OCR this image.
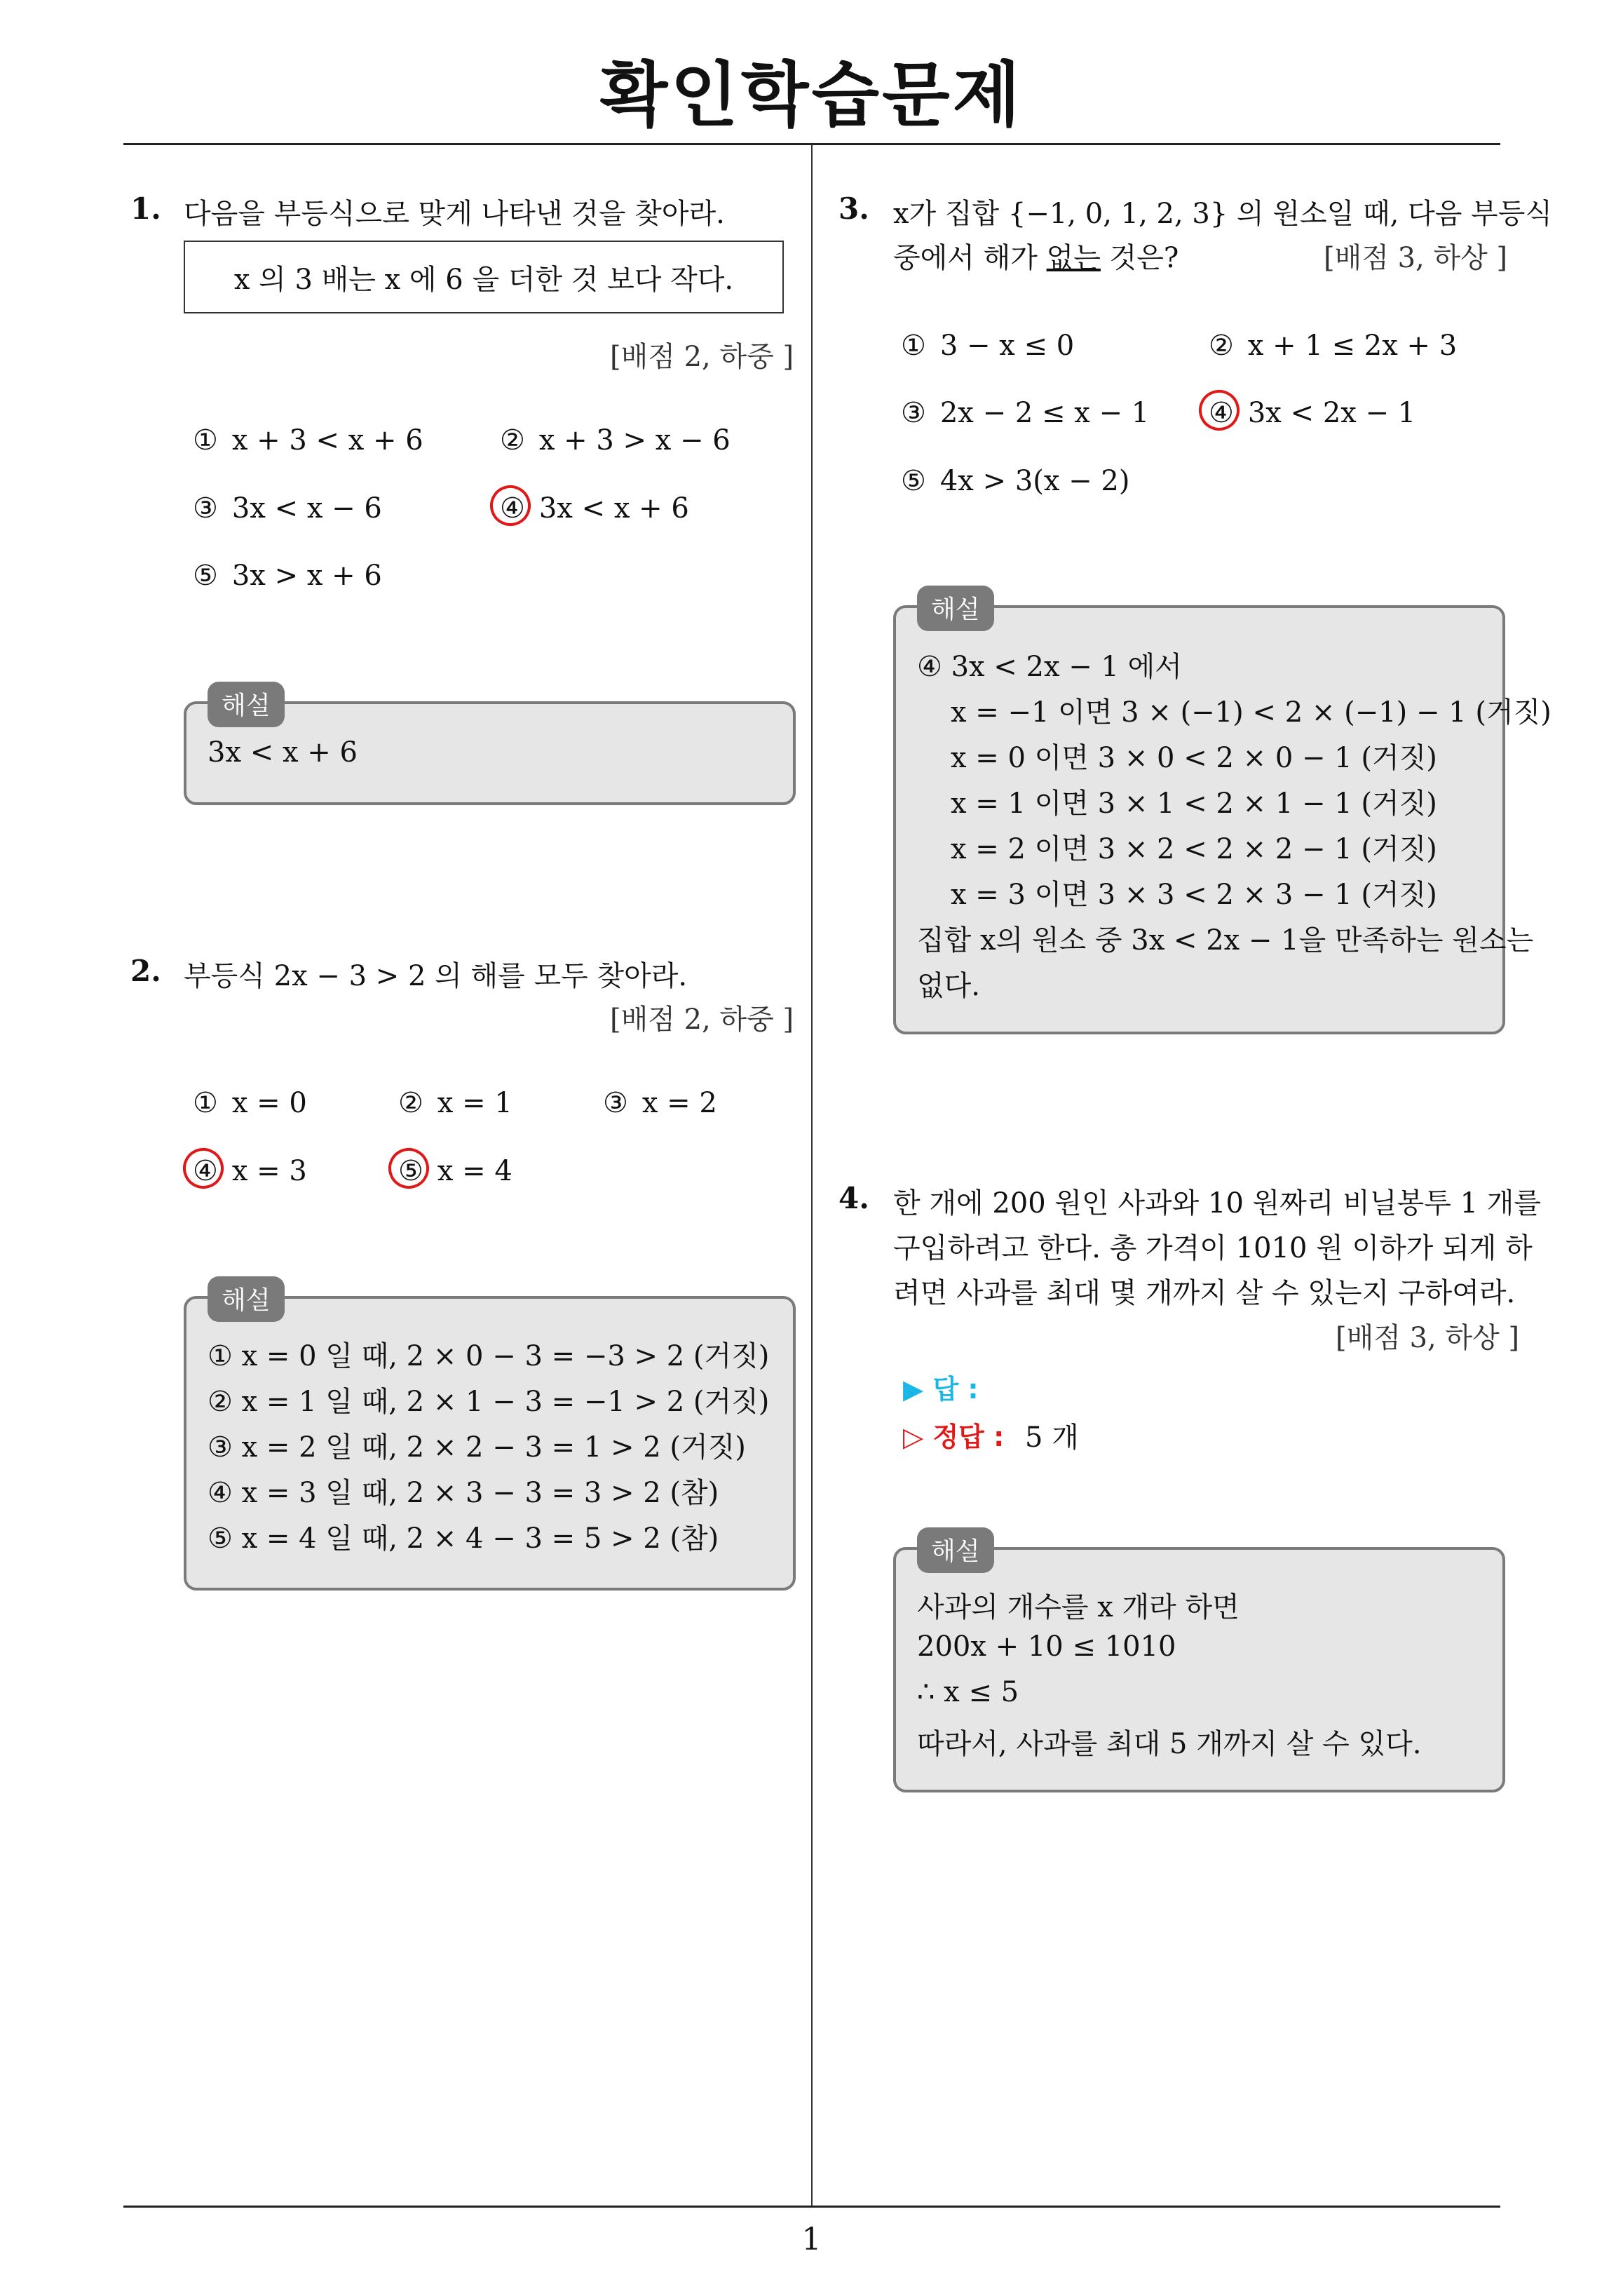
확인학습문제
1
1. 다음을 부등식으로 맞게 나타낸 것을 찾아라.
x 의 3 배는 x 에 6 을 더한 것 보다 작다.
[배점 2, 하중 ]
① x + 3 < x + 6	② x + 3 > x − 6
③ 3x < x − 6	④ 3x < x + 6
⑤ 3x > x + 6
해설
3x < x + 6
2. 부등식 2x − 3 > 2 의 해를 모두 찾아라.
[배점 2, 하중 ]
① x = 0	② x = 1	③ x = 2
④ x = 3	⑤ x = 4
해설
① x = 0 일 때, 2 × 0 − 3 = −3 > 2 (거짓)
② x = 1 일 때, 2 × 1 − 3 = −1 > 2 (거짓)
③ x = 2 일 때, 2 × 2 − 3 = 1 > 2 (거짓)
④ x = 3 일 때, 2 × 3 − 3 = 3 > 2 (참)
⑤ x = 4 일 때, 2 × 4 − 3 = 5 > 2 (참)
3. x가 집합 {−1, 0, 1, 2, 3} 의 원소일 때, 다음 부등식
중에서 해가 없는 것은?	[배점 3, 하상 ]
① 3 − x ≤ 0	② x + 1 ≤ 2x + 3
③ 2x − 2 ≤ x − 1 ④ 3x < 2x − 1
⑤ 4x > 3(x − 2)
해설
④ 3x < 2x − 1 에서
x = −1 이면 3 × (−1) < 2 × (−1) − 1 (거짓)
x = 0 이면 3 × 0 < 2 × 0 − 1 (거짓)
x = 1 이면 3 × 1 < 2 × 1 − 1 (거짓)
x = 2 이면 3 × 2 < 2 × 2 − 1 (거짓)
x = 3 이면 3 × 3 < 2 × 3 − 1 (거짓)
집합 x의 원소 중 3x < 2x − 1을 만족하는 원소는
없다.
4. 한 개에 200 원인 사과와 10 원짜리 비닐봉투 1 개를
구입하려고 한다. 총 가격이 1010 원 이하가 되게 하
려면 사과를 최대 몇 개까지 살 수 있는지 구하여라.
[배점 3, 하상 ]
▶ 답 :
▷ 정답 : 5 개
해설
사과의 개수를 x 개라 하면
200x + 10 ≤ 1010
∴ x ≤ 5
따라서, 사과를 최대 5 개까지 살 수 있다.
